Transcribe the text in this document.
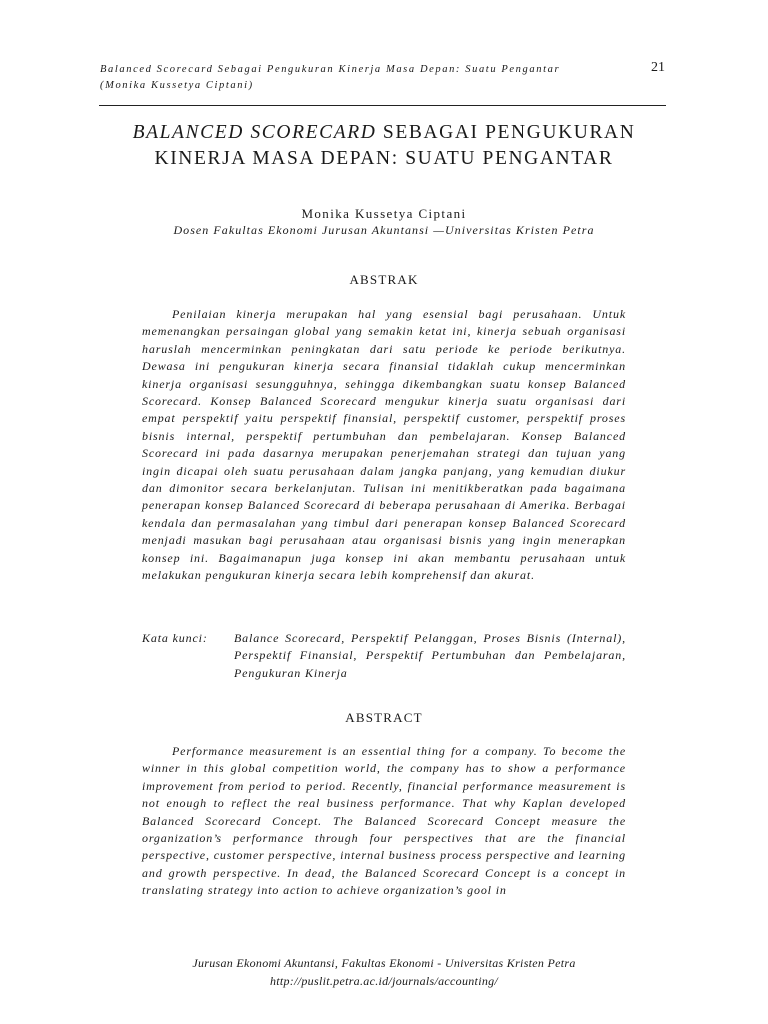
Balanced Scorecard Sebagai Pengukuran Kinerja Masa Depan: Suatu Pengantar
(Monika Kussetya Ciptani)
21
BALANCED SCORECARD SEBAGAI PENGUKURAN
KINERJA MASA DEPAN: SUATU PENGANTAR
Monika Kussetya Ciptani
Dosen Fakultas Ekonomi Jurusan Akuntansi —Universitas Kristen Petra
ABSTRAK

Penilaian kinerja merupakan hal yang esensial bagi perusahaan. Untuk memenangkan persaingan global yang semakin ketat ini, kinerja sebuah organisasi haruslah mencerminkan peningkatan dari satu periode ke periode berikutnya. Dewasa ini pengukuran kinerja secara finansial tidaklah cukup mencerminkan kinerja organisasi sesungguhnya, sehingga dikembangkan suatu konsep Balanced Scorecard. Konsep Balanced Scorecard mengukur kinerja suatu organisasi dari empat perspektif yaitu perspektif finansial, perspektif customer, perspektif proses bisnis internal, perspektif pertumbuhan dan pembelajaran. Konsep Balanced Scorecard ini pada dasarnya merupakan penerjemahan strategi dan tujuan yang ingin dicapai oleh suatu perusahaan dalam jangka panjang, yang kemudian diukur dan dimonitor secara berkelanjutan. Tulisan ini menitikberatkan pada bagaimana penerapan konsep Balanced Scorecard di beberapa perusahaan di Amerika. Berbagai kendala dan permasalahan yang timbul dari penerapan konsep Balanced Scorecard menjadi masukan bagi perusahaan atau organisasi bisnis yang ingin menerapkan konsep ini. Bagaimanapun juga konsep ini akan membantu perusahaan untuk melakukan pengukuran kinerja secara lebih komprehensif dan akurat.

Kata kunci:	Balance Scorecard, Perspektif Pelanggan, Proses Bisnis (Internal), Perspektif Finansial, Perspektif Pertumbuhan dan Pembelajaran, Pengukuran Kinerja
ABSTRACT

Performance measurement is an essential thing for a company. To become the winner in this global competition world, the company has to show a performance improvement from period to period. Recently, financial performance measurement is not enough to reflect the real business performance. That why Kaplan developed Balanced Scorecard Concept. The Balanced Scorecard Concept measure the organization’s performance through four perspectives that are the financial perspective, customer perspective, internal business process perspective and learning and growth perspective. In dead, the Balanced Scorecard Concept is a concept in translating strategy into action to achieve organization’s gool in

Jurusan Ekonomi Akuntansi, Fakultas Ekonomi - Universitas Kristen Petra
http://puslit.petra.ac.id/journals/accounting/
